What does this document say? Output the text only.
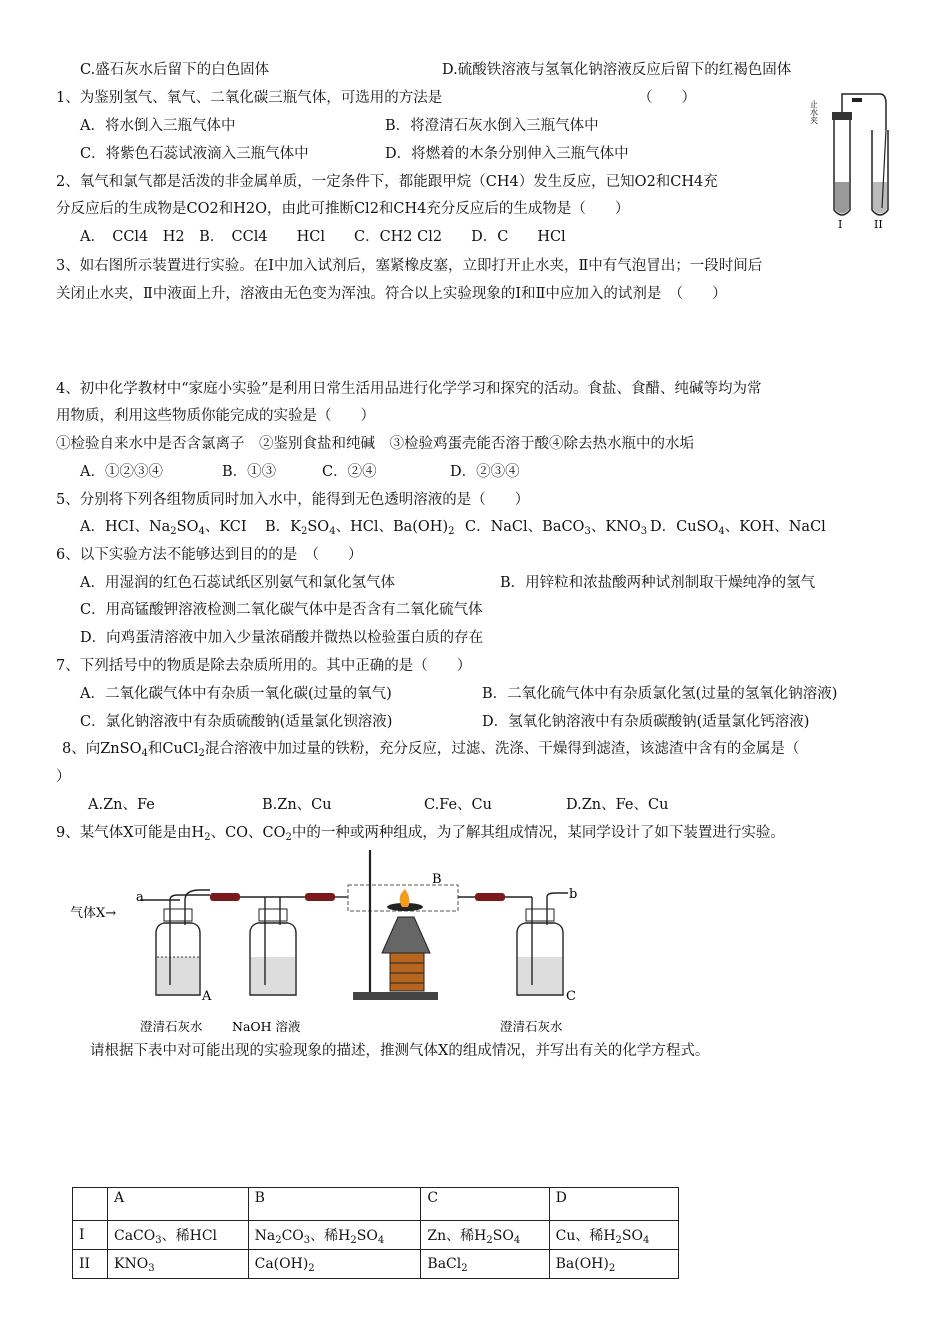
C.盛石灰水后留下的白色固体	D.硫酸铁溶液与氢氧化钠溶液反应后留下的红褐色固体
1、为鉴别氢气、氧气、二氧化碳三瓶气体，可选用的方法是	（　　）
A．将水倒入三瓶气体中	B．将澄清石灰水倒入三瓶气体中
C．将紫色石蕊试液滴入三瓶气体中	D．将燃着的木条分别伸入三瓶气体中
2、氧气和氯气都是活泼的非金属单质，一定条件下，都能跟甲烷（CH4）发生反应，已知O2和CH4充
分反应后的生成物是CO2和H2O，由此可推断Cl2和CH4充分反应后的生成物是（　　）
A．　CCl4　H2　B．　CCl4　　HCl　　C．CH2 Cl2　　D．C　　HCl
3、如右图所示装置进行实验。在Ⅰ中加入试剂后，塞紧橡皮塞，立即打开止水夹，Ⅱ中有气泡冒出；一段时间后
关闭止水夹，Ⅱ中液面上升，溶液由无色变为浑浊。符合以上实验现象的Ⅰ和Ⅱ中应加入的试剂是　（　　）
止水夹
I	II
4、初中化学教材中“家庭小实验”是利用日常生活用品进行化学学习和探究的活动。食盐、食醋、纯碱等均为常
用物质，利用这些物质你能完成的实验是（　　）
①检验自来水中是否含氯离子　②鉴别食盐和纯碱　③检验鸡蛋壳能否溶于酸④除去热水瓶中的水垢
A．①②③④	B．①③	C．②④	D．②③④
5、分别将下列各组物质同时加入水中，能得到无色透明溶液的是（　　）
A．HCI、$Na_2SO_4$、KCI B．$K_2SO_4$、HCl、$Ba(OH)_2$ C．NaCl、BaCO$_3$、$KNO_3$ D．CuSO$_4$、KOH、NaCl
6、以下实验方法不能够达到目的的是　（　　）
A．用湿润的红色石蕊试纸区别氨气和氯化氢气体	B．用锌粒和浓盐酸两种试剂制取干燥纯净的氢气
C．用高锰酸钾溶液检测二氧化碳气体中是否含有二氧化硫气体
D．向鸡蛋清溶液中加入少量浓硝酸并微热以检验蛋白质的存在
7、下列括号中的物质是除去杂质所用的。其中正确的是（　　）
A．二氧化碳气体中有杂质一氧化碳(过量的氧气)	B．二氧化硫气体中有杂质氯化氢(过量的氢氧化钠溶液)
C．氯化钠溶液中有杂质硫酸钠(适量氯化钡溶液)	D．氢氧化钠溶液中有杂质碳酸钠(适量氯化钙溶液)
8、向ZnSO$_4$和CuCl$_2$混合溶液中加过量的铁粉，充分反应，过滤、洗涤、干燥得到滤渣，该滤渣中含有的金属是（
）
A.Zn、Fe	B.Zn、Cu	C.Fe、Cu	D.Zn、Fe、Cu
9、某气体X可能是由$H_2$、CO、$CO_2$中的一种或两种组成，为了解其组成情况，某同学设计了如下装置进行实验。
气体X→
a
A
B
b
C
澄清石灰水 NaOH 溶液	澄清石灰水
请根据下表中对可能出现的实验现象的描述，推测气体X的组成情况，并写出有关的化学方程式。
	A	B	C	D
I	CaCO$_3$、稀HCl	$Na_2CO_3$、稀$H_2SO_4$	Zn、稀$H_2SO_4$	Cu、稀$H_2SO_4$
II	$KNO_3$	$Ca(OH)_2$	BaCl$_2$	$Ba(OH)_2$
